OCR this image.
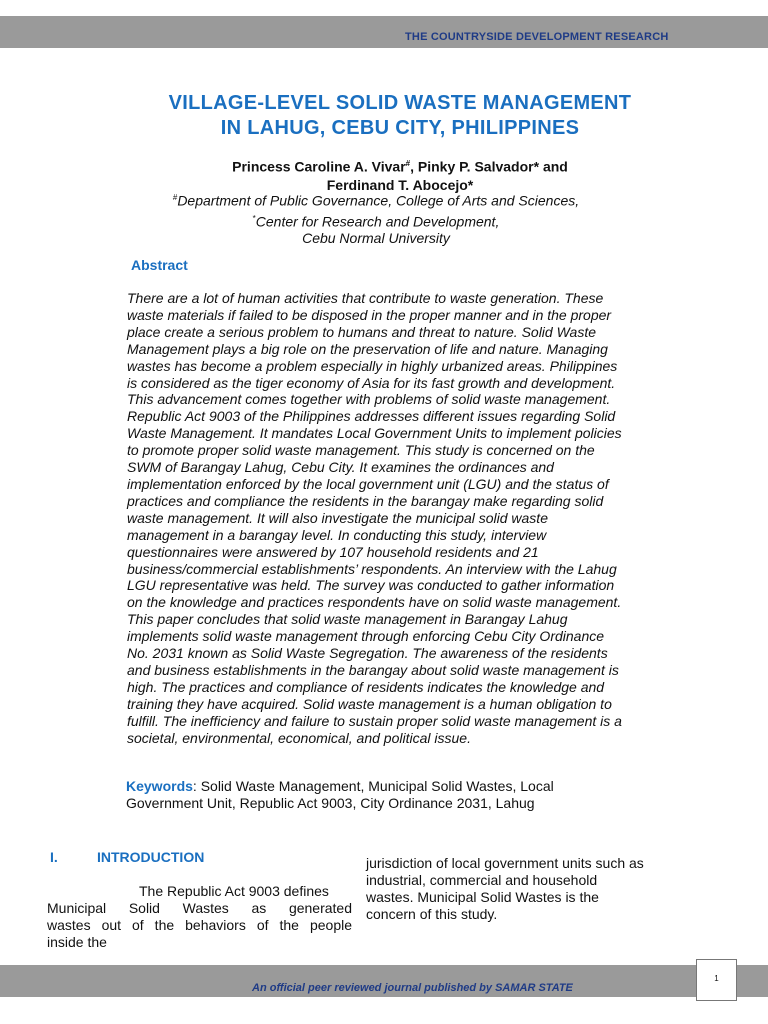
THE COUNTRYSIDE DEVELOPMENT RESEARCH
VILLAGE-LEVEL SOLID WASTE MANAGEMENT
IN LAHUG, CEBU CITY, PHILIPPINES
Princess Caroline A. Vivar#, Pinky P. Salvador* and
Ferdinand T. Abocejo*
#Department of Public Governance, College of Arts and Sciences,
*Center for Research and Development,
Cebu Normal University
Abstract
There are a lot of human activities that contribute to waste generation. These
waste materials if failed to be disposed in the proper manner and in the proper
place create a serious problem to humans and threat to nature. Solid Waste
Management plays a big role on the preservation of life and nature. Managing
wastes has become a problem especially in highly urbanized areas. Philippines
is considered as the tiger economy of Asia for its fast growth and development.
This advancement comes together with problems of solid waste management.
Republic Act 9003 of the Philippines addresses different issues regarding Solid
Waste Management. It mandates Local Government Units to implement policies
to promote proper solid waste management. This study is concerned on the
SWM of Barangay Lahug, Cebu City. It examines the ordinances and
implementation enforced by the local government unit (LGU) and the status of
practices and compliance the residents in the barangay make regarding solid
waste management. It will also investigate the municipal solid waste
management in a barangay level. In conducting this study, interview
questionnaires were answered by 107 household residents and 21
business/commercial establishments’ respondents. An interview with the Lahug
LGU representative was held. The survey was conducted to gather information
on the knowledge and practices respondents have on solid waste management.
This paper concludes that solid waste management in Barangay Lahug
implements solid waste management through enforcing Cebu City Ordinance
No. 2031 known as Solid Waste Segregation. The awareness of the residents
and business establishments in the barangay about solid waste management is
high. The practices and compliance of residents indicates the knowledge and
training they have acquired. Solid waste management is a human obligation to
fulfill. The inefficiency and failure to sustain proper solid waste management is a
societal, environmental, economical, and political issue.
Keywords: Solid Waste Management, Municipal Solid Wastes, Local
Government Unit, Republic Act 9003, City Ordinance 2031, Lahug
I.	INTRODUCTION
The Republic Act 9003 defines
Municipal Solid Wastes as generated
wastes out of the behaviors of the people
inside the
jurisdiction of local government units such as
industrial, commercial and household
wastes. Municipal Solid Wastes is the
concern of this study.
An official peer reviewed journal published by SAMAR STATE
1
